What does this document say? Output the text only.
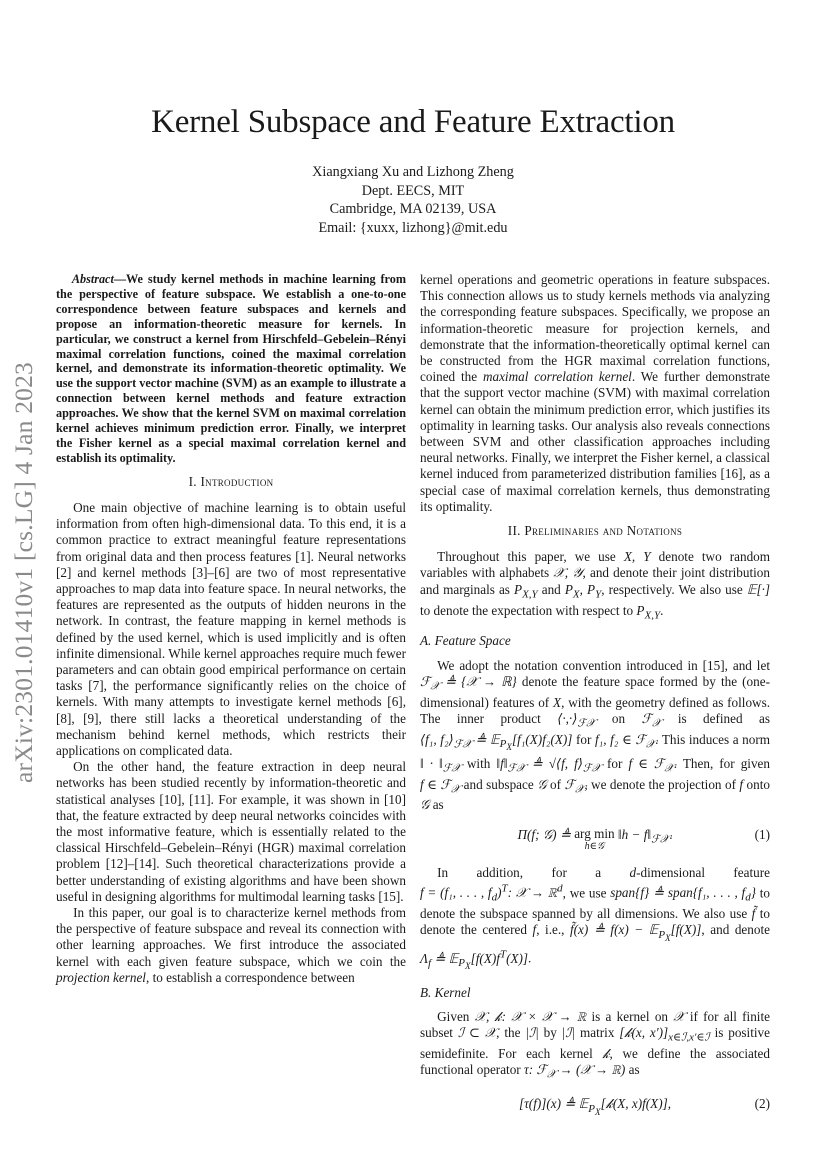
arXiv:2301.01410v1 [cs.LG] 4 Jan 2023
Kernel Subspace and Feature Extraction
Xiangxiang Xu and Lizhong Zheng
Dept. EECS, MIT
Cambridge, MA 02139, USA
Email: {xuxx, lizhong}@mit.edu

Abstract—We study kernel methods in machine learning from the perspective of feature subspace. We establish a one-to-one correspondence between feature subspaces and kernels and propose an information-theoretic measure for kernels. In particular, we construct a kernel from Hirschfeld–Gebelein–Rényi maximal correlation functions, coined the maximal correlation kernel, and demonstrate its information-theoretic optimality. We use the support vector machine (SVM) as an example to illustrate a connection between kernel methods and feature extraction approaches. We show that the kernel SVM on maximal correlation kernel achieves minimum prediction error. Finally, we interpret the Fisher kernel as a special maximal correlation kernel and establish its optimality.

I. Introduction

One main objective of machine learning is to obtain useful information from often high-dimensional data. To this end, it is a common practice to extract meaningful feature representations from original data and then process features [1]. Neural networks [2] and kernel methods [3]–[6] are two of most representative approaches to map data into feature space. In neural networks, the features are represented as the outputs of hidden neurons in the network. In contrast, the feature mapping in kernel methods is defined by the used kernel, which is used implicitly and is often infinite dimensional. While kernel approaches require much fewer parameters and can obtain good empirical performance on certain tasks [7], the performance significantly relies on the choice of kernels. With many attempts to investigate kernel methods [6], [8], [9], there still lacks a theoretical understanding of the mechanism behind kernel methods, which restricts their applications on complicated data.

On the other hand, the feature extraction in deep neural networks has been studied recently by information-theoretic and statistical analyses [10], [11]. For example, it was shown in [10] that, the feature extracted by deep neural networks coincides with the most informative feature, which is essentially related to the classical Hirschfeld–Gebelein–Rényi (HGR) maximal correlation problem [12]–[14]. Such theoretical characterizations provide a better understanding of existing algorithms and have been shown useful in designing algorithms for multimodal learning tasks [15].

In this paper, our goal is to characterize kernel methods from the perspective of feature subspace and reveal its connection with other learning approaches. We first introduce the associated kernel with each given feature subspace, which we coin the projection kernel, to establish a correspondence between

kernel operations and geometric operations in feature subspaces. This connection allows us to study kernels methods via analyzing the corresponding feature subspaces. Specifically, we propose an information-theoretic measure for projection kernels, and demonstrate that the information-theoretically optimal kernel can be constructed from the HGR maximal correlation functions, coined the maximal correlation kernel. We further demonstrate that the support vector machine (SVM) with maximal correlation kernel can obtain the minimum prediction error, which justifies its optimality in learning tasks. Our analysis also reveals connections between SVM and other classification approaches including neural networks. Finally, we interpret the Fisher kernel, a classical kernel induced from parameterized distribution families [16], as a special case of maximal correlation kernels, thus demonstrating its optimality.

II. Preliminaries and Notations

Throughout this paper, we use X, Y denote two random variables with alphabets 𝒳, 𝒴, and denote their joint distribution and marginals as $P_{X,Y}$ and $P_X$, $P_Y$, respectively. We also use 𝔼[·] to denote the expectation with respect to $P_{X,Y}$.

A. Feature Space

We adopt the notation convention introduced in [15], and let ℱ$_𝒳$ ≜ {𝒳 → ℝ} denote the feature space formed by the (one-dimensional) features of X, with the geometry defined as follows. The inner product $⟨\cdot,\cdot⟩_{ℱ𝒳}$ on ℱ$_𝒳$ is defined as ⟨f₁, $f_2⟩_{ℱ𝒳}$ ≜ 𝔼$_{P_X}$[f₁(X)f₂(X)] for f₁, f₂ ∈ ℱ$_𝒳$. This induces a norm ‖ · $‖_{ℱ𝒳}$ with $‖f‖_{ℱ𝒳}$ ≜ √⟨f, $f⟩_{ℱ𝒳}$ for f ∈ ℱ$_𝒳$. Then, for given f ∈ ℱ$_𝒳$ and subspace 𝒢 of ℱ$_𝒳$, we denote the projection of f onto 𝒢 as

Π(f; 𝒢) ≜ arg min
h∈𝒢
‖h − $f‖_{ℱ𝒳}$.	(1)

In addition, for a d-dimensional feature f = (f₁, . . . , $f_d)^T$: 𝒳 → ℝ$^d$, we use span{f} ≜ span{f₁, . . . , $f_d$} to denote the subspace spanned by all dimensions. We also use f̃ to denote the centered f, i.e., f̃(x) ≜ f(x) − 𝔼$_{P_X}$[f(X)], and denote $\Lambda_f$ ≜ $𝔼_{P_X}[f(X)f^T(X)]$.

B. Kernel

Given 𝒳, 𝓀: 𝒳 × 𝒳 → ℝ is a kernel on 𝒳 if for all finite subset ℐ ⊂ 𝒳, the |ℐ| by |ℐ| matrix [𝓀(x, $x')]_{x\in ℐ,x'\in ℐ}$ is positive semidefinite. For each kernel 𝓀, we define the associated functional operator τ: ℱ$_𝒳$ → (𝒳 → ℝ) as

[τ(f)](x) ≜ 𝔼$_{P_X}$[𝓀(X, x)f(X)],	(2)
